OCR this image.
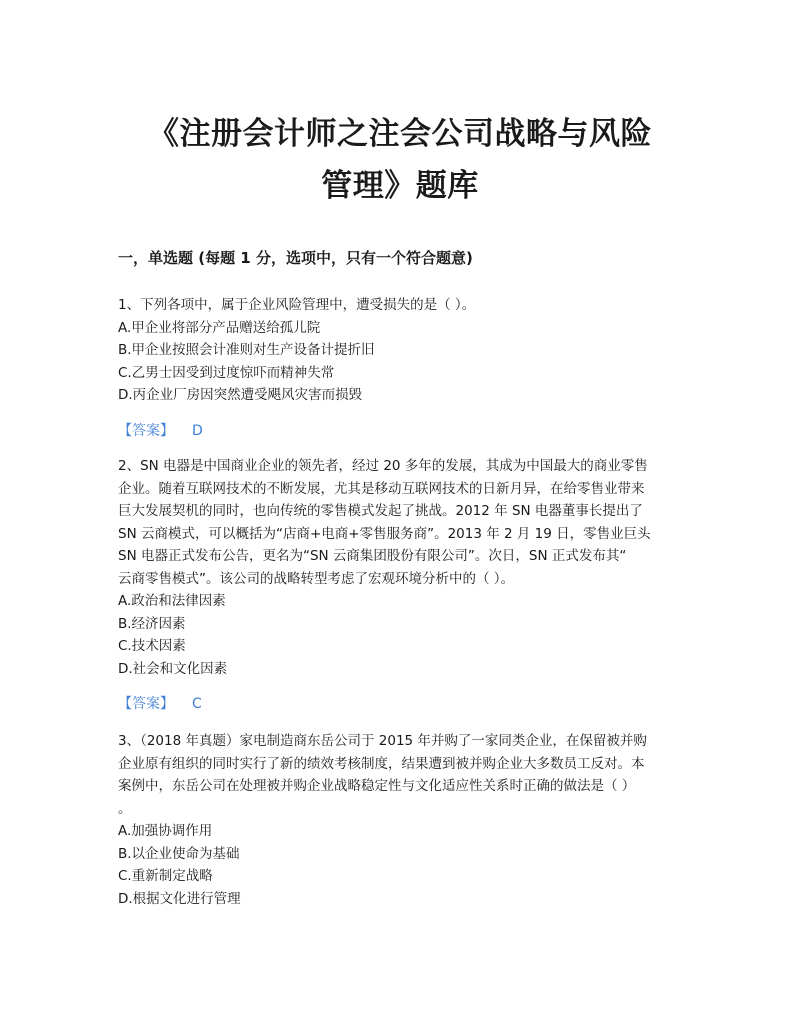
《注册会计师之注会公司战略与风险
管理》题库
一，单选题 (每题 1 分，选项中，只有一个符合题意)
1、下列各项中，属于企业风险管理中，遭受损失的是（ ）。
A.甲企业将部分产品赠送给孤儿院
B.甲企业按照会计准则对生产设备计提折旧
C.乙男士因受到过度惊吓而精神失常
D.丙企业厂房因突然遭受飓风灾害而损毁
【答案】 D
2、SN 电器是中国商业企业的领先者，经过 20 多年的发展，其成为中国最大的商业零售
企业。随着互联网技术的不断发展，尤其是移动互联网技术的日新月异，在给零售业带来
巨大发展契机的同时，也向传统的零售模式发起了挑战。2012 年 SN 电器董事长提出了
SN 云商模式，可以概括为“店商+电商+零售服务商”。2013 年 2 月 19 日，零售业巨头
SN 电器正式发布公告，更名为“SN 云商集团股份有限公司”。次日，SN 正式发布其“
云商零售模式”。该公司的战略转型考虑了宏观环境分析中的（ ）。
A.政治和法律因素
B.经济因素
C.技术因素
D.社会和文化因素
【答案】 C
3、（2018 年真题）家电制造商东岳公司于 2015 年并购了一家同类企业，在保留被并购
企业原有组织的同时实行了新的绩效考核制度，结果遭到被并购企业大多数员工反对。本
案例中，东岳公司在处理被并购企业战略稳定性与文化适应性关系时正确的做法是（ ）
。
A.加强协调作用
B.以企业使命为基础
C.重新制定战略
D.根据文化进行管理
